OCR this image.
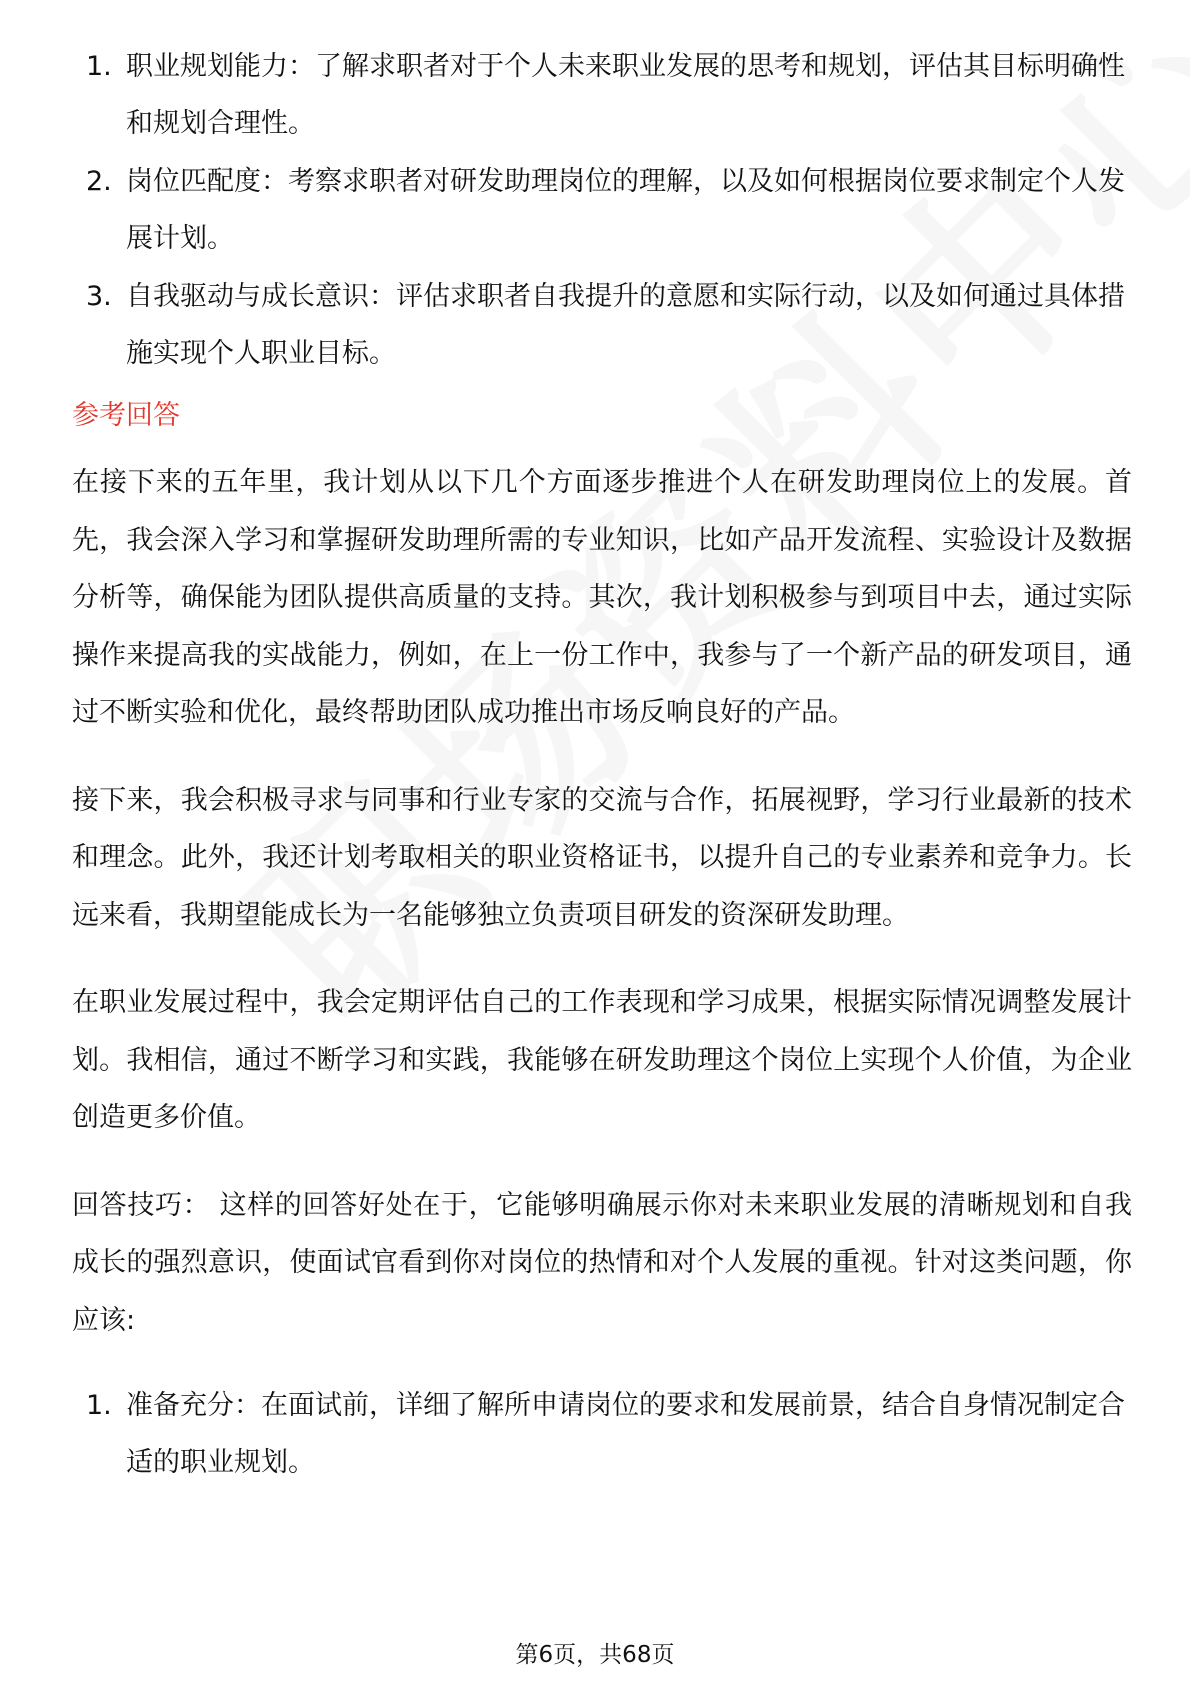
1. 职业规划能力：了解求职者对于个人未来职业发展的思考和规划，评估其目标明确性和规划合理性。
2. 岗位匹配度：考察求职者对研发助理岗位的理解，以及如何根据岗位要求制定个人发展计划。
3. 自我驱动与成长意识：评估求职者自我提升的意愿和实际行动，以及如何通过具体措施实现个人职业目标。
参考回答

在接下来的五年里，我计划从以下几个方面逐步推进个人在研发助理岗位上的发展。首先，我会深入学习和掌握研发助理所需的专业知识，比如产品开发流程、实验设计及数据分析等，确保能为团队提供高质量的支持。其次，我计划积极参与到项目中去，通过实际操作来提高我的实战能力，例如，在上一份工作中，我参与了一个新产品的研发项目，通过不断实验和优化，最终帮助团队成功推出市场反响良好的产品。

接下来，我会积极寻求与同事和行业专家的交流与合作，拓展视野，学习行业最新的技术和理念。此外，我还计划考取相关的职业资格证书，以提升自己的专业素养和竞争力。长远来看，我期望能成长为一名能够独立负责项目研发的资深研发助理。

在职业发展过程中，我会定期评估自己的工作表现和学习成果，根据实际情况调整发展计划。我相信，通过不断学习和实践，我能够在研发助理这个岗位上实现个人价值，为企业创造更多价值。

回答技巧： 这样的回答好处在于，它能够明确展示你对未来职业发展的清晰规划和自我成长的强烈意识，使面试官看到你对岗位的热情和对个人发展的重视。针对这类问题，你应该:

1. 准备充分：在面试前，详细了解所申请岗位的要求和发展前景，结合自身情况制定合适的职业规划。
第6页，共68页
